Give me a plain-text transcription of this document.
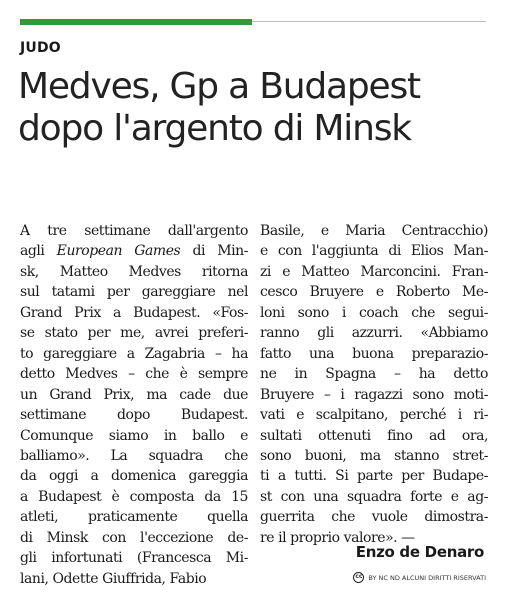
JUDO
Medves, Gp a Budapest
dopo l'argento di Minsk
A tre settimane dall'argento
agli European Games di Min-
sk, Matteo Medves ritorna
sul tatami per gareggiare nel
Grand Prix a Budapest. «Fos-
se stato per me, avrei preferi-
to gareggiare a Zagabria – ha
detto Medves – che è sempre
un Grand Prix, ma cade due
settimane dopo Budapest.
Comunque siamo in ballo e
balliamo». La squadra che
da oggi a domenica gareggia
a Budapest è composta da 15
atleti, praticamente quella
di Minsk con l'eccezione de-
gli infortunati (Francesca Mi-
lani, Odette Giuffrida, Fabio
Basile, e Maria Centracchio)
e con l'aggiunta di Elios Man-
zi e Matteo Marconcini. Fran-
cesco Bruyere e Roberto Me-
loni sono i coach che segui-
ranno gli azzurri. «Abbiamo
fatto una buona preparazio-
ne in Spagna – ha detto
Bruyere – i ragazzi sono moti-
vati e scalpitano, perché i ri-
sultati ottenuti fino ad ora,
sono buoni, ma stanno stret-
ti a tutti. Si parte per Budape-
st con una squadra forte e ag-
guerrita che vuole dimostra-
re il proprio valore». —
Enzo de Denaro
cc BY NC ND ALCUNI DIRITTI RISERVATI
